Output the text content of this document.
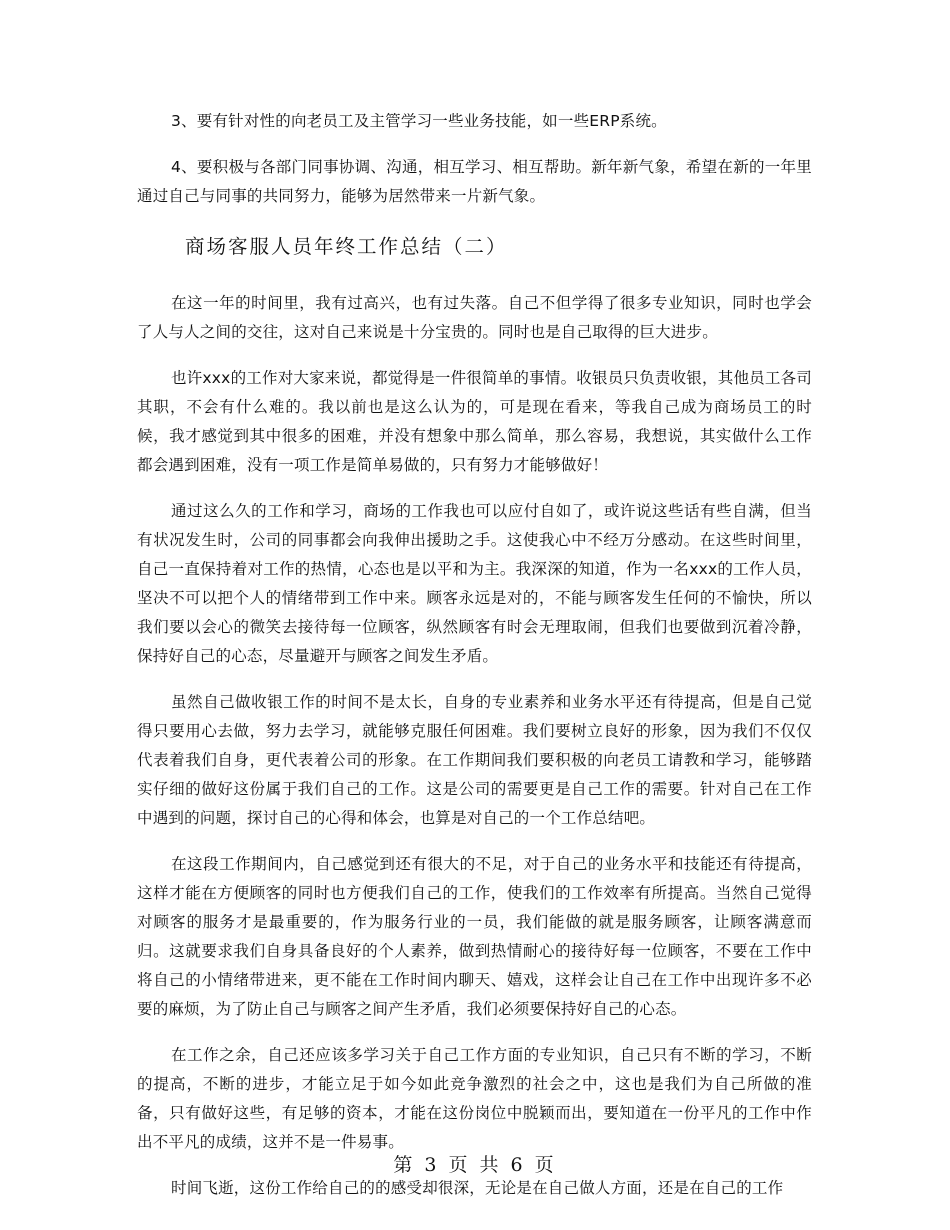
3、要有针对性的向老员工及主管学习一些业务技能，如一些ERP系统。

4、要积极与各部门同事协调、沟通，相互学习、相互帮助。新年新气象，希望在新的一年里通过自己与同事的共同努力，能够为居然带来一片新气象。

商场客服人员年终工作总结（二）

在这一年的时间里，我有过高兴，也有过失落。自己不但学得了很多专业知识，同时也学会了人与人之间的交往，这对自己来说是十分宝贵的。同时也是自己取得的巨大进步。

也许xxx的工作对大家来说，都觉得是一件很简单的事情。收银员只负责收银，其他员工各司其职，不会有什么难的。我以前也是这么认为的，可是现在看来，等我自己成为商场员工的时候，我才感觉到其中很多的困难，并没有想象中那么简单，那么容易，我想说，其实做什么工作都会遇到困难，没有一项工作是简单易做的，只有努力才能够做好！

通过这么久的工作和学习，商场的工作我也可以应付自如了，或许说这些话有些自满，但当有状况发生时，公司的同事都会向我伸出援助之手。这使我心中不经万分感动。在这些时间里，自己一直保持着对工作的热情，心态也是以平和为主。我深深的知道，作为一名xxx的工作人员，坚决不可以把个人的情绪带到工作中来。顾客永远是对的，不能与顾客发生任何的不愉快，所以我们要以会心的微笑去接待每一位顾客，纵然顾客有时会无理取闹，但我们也要做到沉着冷静，保持好自己的心态，尽量避开与顾客之间发生矛盾。

虽然自己做收银工作的时间不是太长，自身的专业素养和业务水平还有待提高，但是自己觉得只要用心去做，努力去学习，就能够克服任何困难。我们要树立良好的形象，因为我们不仅仅代表着我们自身，更代表着公司的形象。在工作期间我们要积极的向老员工请教和学习，能够踏实仔细的做好这份属于我们自己的工作。这是公司的需要更是自己工作的需要。针对自己在工作中遇到的问题，探讨自己的心得和体会，也算是对自己的一个工作总结吧。

在这段工作期间内，自己感觉到还有很大的不足，对于自己的业务水平和技能还有待提高，这样才能在方便顾客的同时也方便我们自己的工作，使我们的工作效率有所提高。当然自己觉得对顾客的服务才是最重要的，作为服务行业的一员，我们能做的就是服务顾客，让顾客满意而归。这就要求我们自身具备良好的个人素养，做到热情耐心的接待好每一位顾客，不要在工作中将自己的小情绪带进来，更不能在工作时间内聊天、嬉戏，这样会让自己在工作中出现许多不必要的麻烦，为了防止自己与顾客之间产生矛盾，我们必须要保持好自己的心态。

在工作之余，自己还应该多学习关于自己工作方面的专业知识，自己只有不断的学习，不断的提高，不断的进步，才能立足于如今如此竞争激烈的社会之中，这也是我们为自己所做的准备，只有做好这些，有足够的资本，才能在这份岗位中脱颖而出，要知道在一份平凡的工作中作出不平凡的成绩，这并不是一件易事。

时间飞逝，这份工作给自己的的感受却很深，无论是在自己做人方面，还是在自己的工作

第 3 页 共 6 页
